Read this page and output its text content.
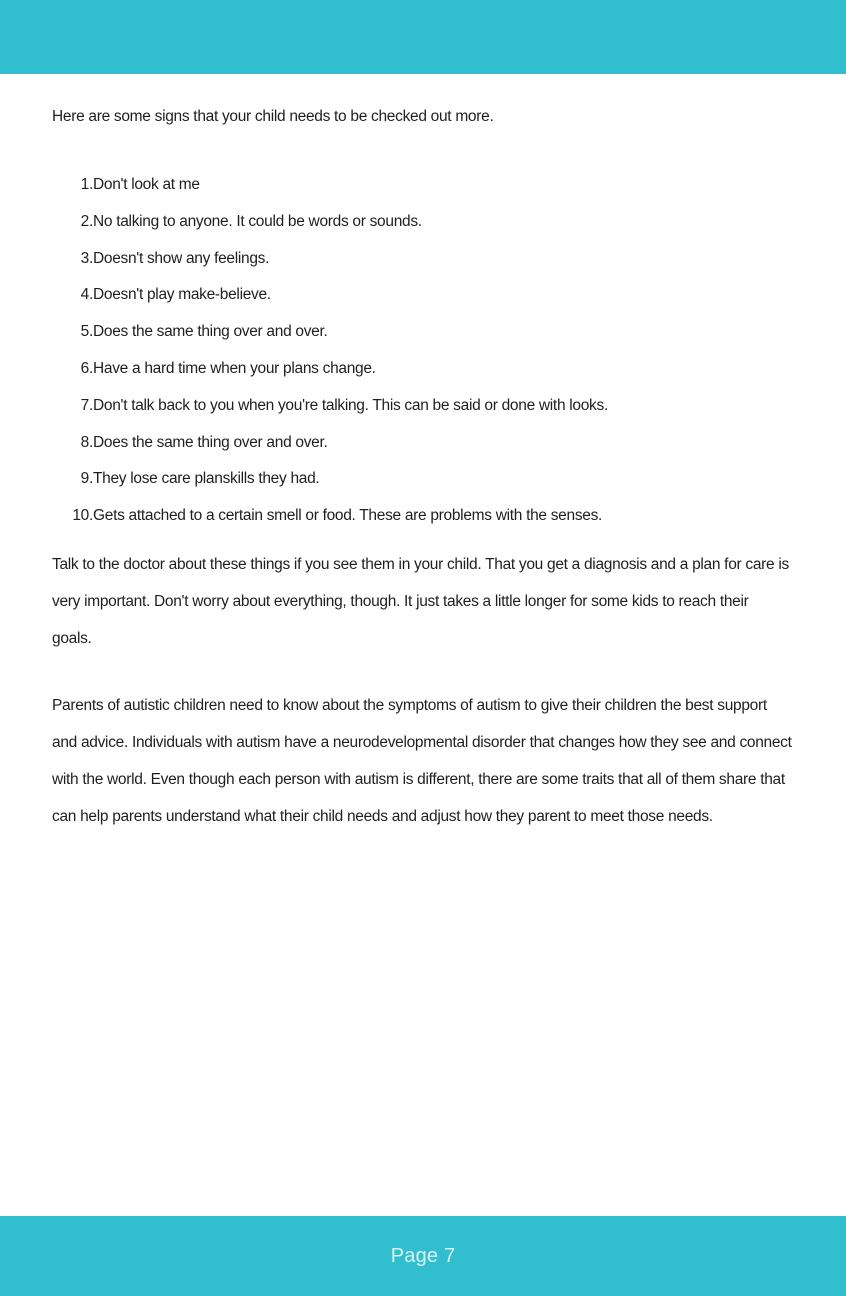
Here are some signs that your child needs to be checked out more.

1. Don't look at me
2. No talking to anyone. It could be words or sounds.
3. Doesn't show any feelings.
4. Doesn't play make-believe.
5. Does the same thing over and over.
6. Have a hard time when your plans change.
7. Don't talk back to you when you're talking. This can be said or done with looks.
8. Does the same thing over and over.
9. They lose care planskills they had.
10. Gets attached to a certain smell or food. These are problems with the senses.

Talk to the doctor about these things if you see them in your child. That you get a diagnosis and a plan for care is very important. Don't worry about everything, though. It just takes a little longer for some kids to reach their goals.

Parents of autistic children need to know about the symptoms of autism to give their children the best support and advice. Individuals with autism have a neurodevelopmental disorder that changes how they see and connect with the world. Even though each person with autism is different, there are some traits that all of them share that can help parents understand what their child needs and adjust how they parent to meet those needs.

Page 7
